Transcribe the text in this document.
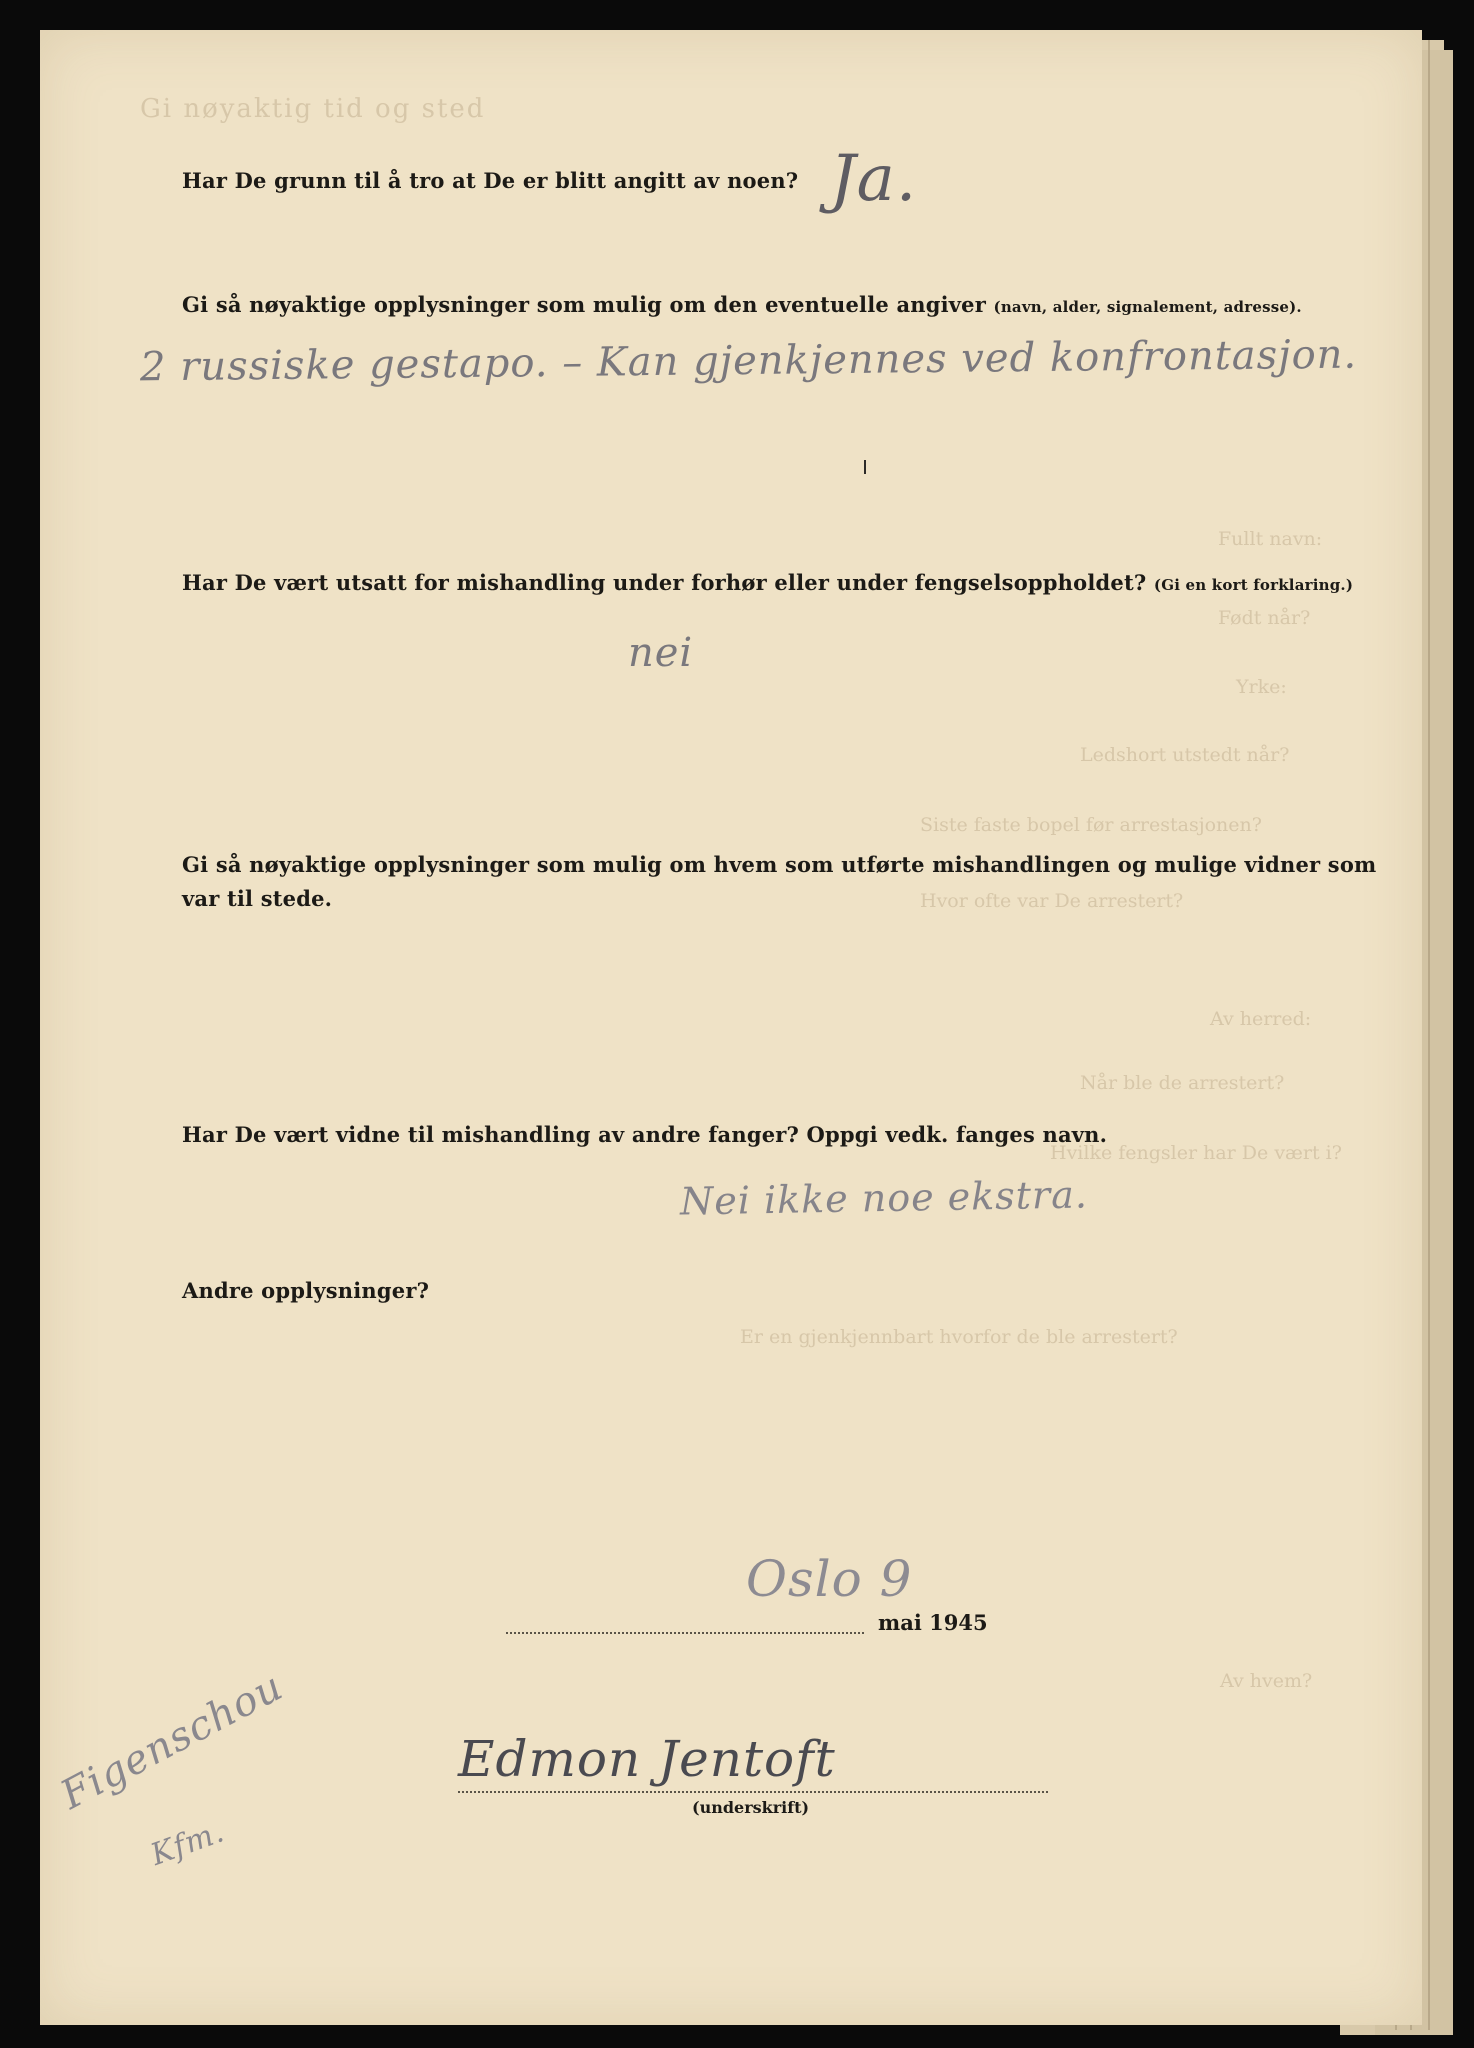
Gi nøyaktig tid og sted
Fullt navn:
Født når?
Yrke:
Ledshort utstedt når?
Siste faste bopel før arrestasjonen?
Hvor ofte var De arrestert?
Av herred:
Når ble de arrestert?
Hvilke fengsler har De vært i?
Er en gjenkjennbart hvorfor de ble arrestert?
Av hvem?
Har De grunn til å tro at De er blitt angitt av noen? Ja.
Gi så nøyaktige opplysninger som mulig om den eventuelle angiver (navn, alder, signalement, adresse).
2 russiske gestapo. – Kan gjenkjennes ved konfrontasjon.
Har De vært utsatt for mishandling under forhør eller under fengselsoppholdet? (Gi en kort forklaring.)
nei
Gi så nøyaktige opplysninger som mulig om hvem som utførte mishandlingen og mulige vidner som var til stede.
Har De vært vidne til mishandling av andre fanger? Oppgi vedk. fanges navn.
Nei ikke noe ekstra.
Andre opplysninger?
Oslo 9
mai 1945
Edmon Jentoft
(underskrift)
Figenschou
Kfm.
